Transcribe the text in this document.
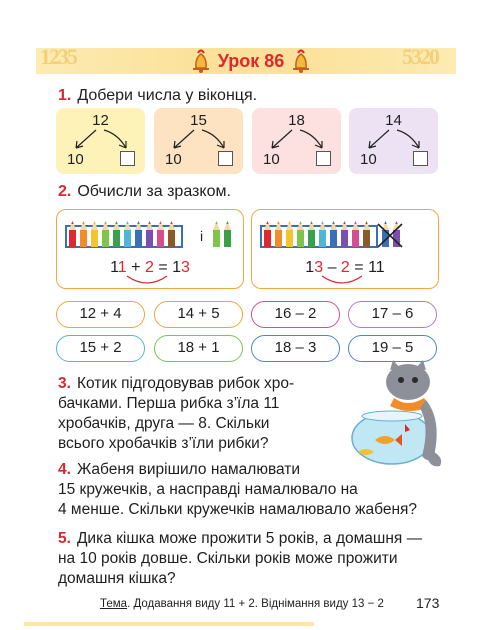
1235	5320
Урок 86
1. Добери числа у віконця.
12
10
15
10
18
10
14
10
2. Обчисли за зразком.
і
11 + 2 = 13	13 – 2 = 11
12 + 4	14 + 5	16 – 2	17 – 6
15 + 2	18 + 1	18 – 3	19 – 5

3. Котик підгодовував рибок хро-

бачками. Перша рибка з’їла 11

хробачків, друга — 8. Скільки

всього хробачків з’їли рибки?

4. Жабеня вирішило намалювати

15 кружечків, а насправді намалювало на

4 менше. Скільки кружечків намалювало жабеня?

5. Дика кішка може прожити 5 років, а домашня —

на 10 років довше. Скільки років може прожити

домашня кішка?

Тема. Додавання виду 11 + 2. Віднімання виду 13 − 2 173
